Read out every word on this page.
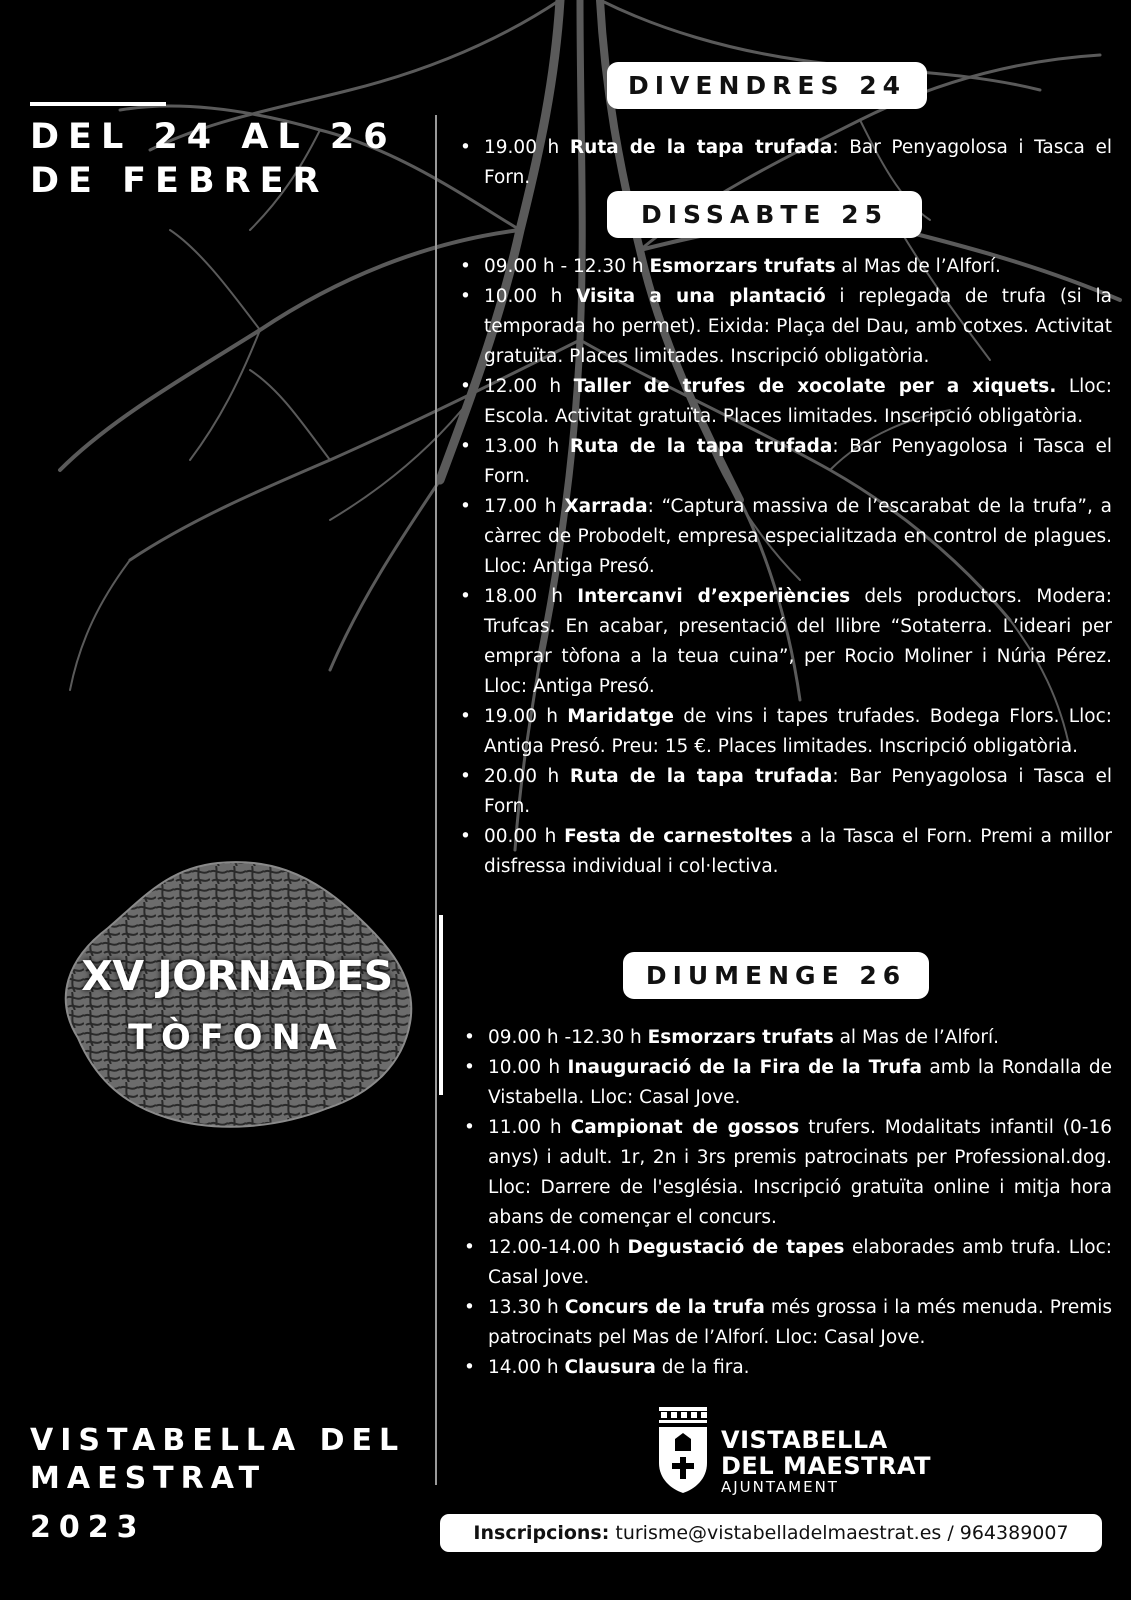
DEL 24 AL 26
DE FEBRER
XV JORNADES
TÒFONA

VISTABELLA DEL
MAESTRAT

2023

DIVENDRES 24
• 19.00 h Ruta de la tapa trufada: Bar Penyagolosa i Tasca el Forn.
DISSABTE 25
• 09.00 h - 12.30 h Esmorzars trufats al Mas de l’Alforí.
• 10.00 h Visita a una plantació i replegada de trufa (si la temporada ho permet). Eixida: Plaça del Dau, amb cotxes. Activitat gratuïta. Places limitades. Inscripció obligatòria.
• 12.00 h Taller de trufes de xocolate per a xiquets. Lloc: Escola. Activitat gratuïta. Places limitades. Inscripció obligatòria.
• 13.00 h Ruta de la tapa trufada: Bar Penyagolosa i Tasca el Forn.
• 17.00 h Xarrada: “Captura massiva de l’escarabat de la trufa”, a càrrec de Probodelt, empresa especialitzada en control de plagues. Lloc: Antiga Presó.
• 18.00 h Intercanvi d’experiències dels productors. Modera: Trufcas. En acabar, presentació del llibre “Sotaterra. L’ideari per emprar tòfona a la teua cuina”, per Rocio Moliner i Núria Pérez. Lloc: Antiga Presó.
• 19.00 h Maridatge de vins i tapes trufades. Bodega Flors. Lloc: Antiga Presó. Preu: 15 €. Places limitades. Inscripció obligatòria.
• 20.00 h Ruta de la tapa trufada: Bar Penyagolosa i Tasca el Forn.
• 00.00 h Festa de carnestoltes a la Tasca el Forn. Premi a millor disfressa individual i col·lectiva.
DIUMENGE 26
• 09.00 h -12.30 h Esmorzars trufats al Mas de l’Alforí.
• 10.00 h Inauguració de la Fira de la Trufa amb la Rondalla de Vistabella. Lloc: Casal Jove.
• 11.00 h Campionat de gossos trufers. Modalitats infantil (0-16 anys) i adult. 1r, 2n i 3rs premis patrocinats per Professional.dog. Lloc: Darrere de l'església. Inscripció gratuïta online i mitja hora abans de començar el concurs.
• 12.00-14.00 h Degustació de tapes elaborades amb trufa. Lloc: Casal Jove.
• 13.30 h Concurs de la trufa més grossa i la més menuda. Premis patrocinats pel Mas de l’Alforí. Lloc: Casal Jove.
• 14.00 h Clausura de la fira.

VISTABELLA

DEL MAESTRAT

AJUNTAMENT

Inscripcions: turisme@vistabelladelmaestrat.es / 964389007
